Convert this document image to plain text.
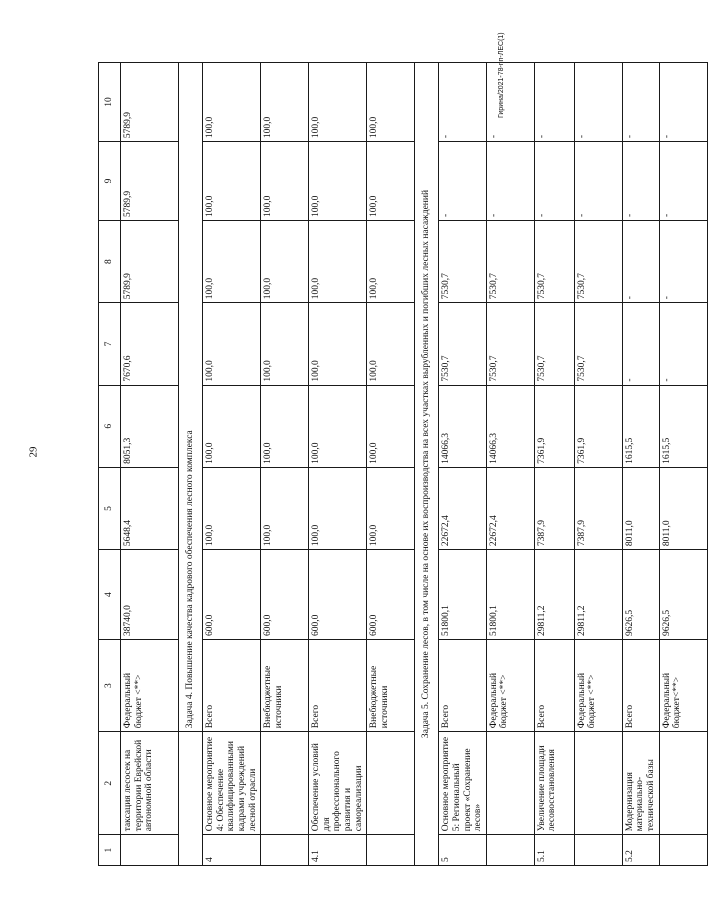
29
Гирина/2021-78-пп-ЛЕС(1)
1	2	3	4	5	6	7	8	9	10
	таксация лесосек на территории Еврейской автономной области	Федеральный бюджет <**>	38740,0	5648,4	8051,3	7670,6	5789,9	5789,9	5789,9
		Задача 4. Повышение качества кадрового обеспечения лесного комплекса							
4	Основное мероприятие 4: Обеспечение квалифицированными кадрами учреждений лесной отрасли	Всего	600,0	100,0	100,0	100,0	100,0	100,0	100,0
		Внебюджетные источники	600,0	100,0	100,0	100,0	100,0	100,0	100,0
4.1	Обеспечение условий для профессионального развития и самореализации	Всего	600,0	100,0	100,0	100,0	100,0	100,0	100,0
		Внебюджетные источники	600,0	100,0	100,0	100,0	100,0	100,0	100,0
Задача 5. Сохранение лесов, в том числе на основе их воспроизводства на всех участках вырубленных и погибших лесных насаждений									
5	Основное мероприятие 5: Региональный проект «Сохранение лесов»	Всего	51800,1	22672,4	14066,3	7530,7	7530,7	-	-
		Федеральный бюджет <**>	51800,1	22672,4	14066,3	7530,7	7530,7	-	-
5.1	Увеличение площади лесовосстановления	Всего	29811,2	7387,9	7361,9	7530,7	7530,7	-	-
		Федеральный бюджет <**>	29811,2	7387,9	7361,9	7530,7	7530,7	-	-
5.2	Модернизация материально-технической базы	Всего	9626,5	8011,0	1615,5	-	-	-	-
		Федеральный бюджет<**>	9626,5	8011,0	1615,5	-	-	-	-
